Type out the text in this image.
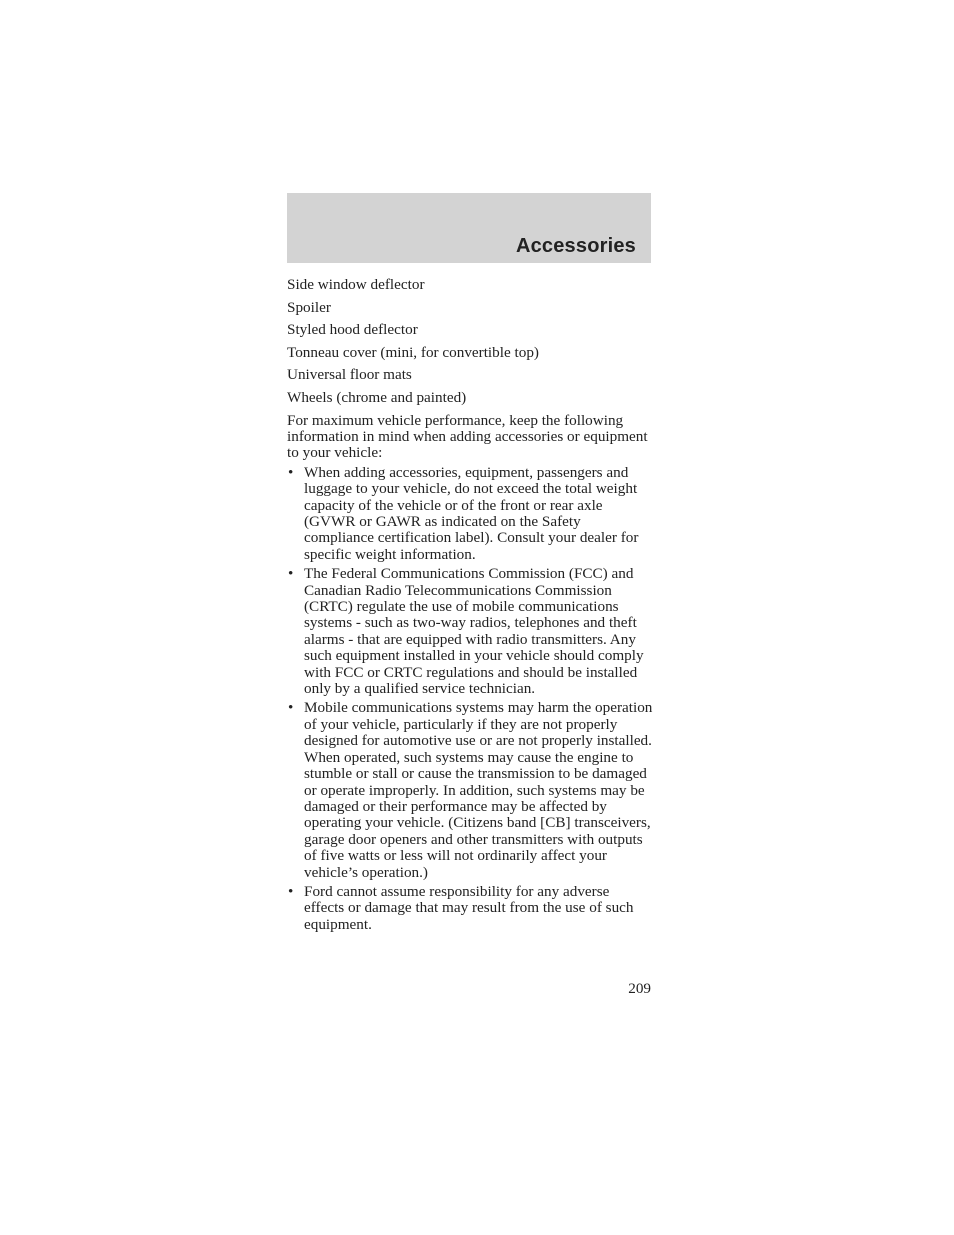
Accessories
Side window deflector
Spoiler
Styled hood deflector
Tonneau cover (mini, for convertible top)
Universal floor mats
Wheels (chrome and painted)
For maximum vehicle performance, keep the following information in mind when adding accessories or equipment to your vehicle:
• When adding accessories, equipment, passengers and luggage to your vehicle, do not exceed the total weight capacity of the vehicle or of the front or rear axle (GVWR or GAWR as indicated on the Safety compliance certification label). Consult your dealer for specific weight information.
• The Federal Communications Commission (FCC) and Canadian Radio Telecommunications Commission (CRTC) regulate the use of mobile communications systems - such as two-way radios, telephones and theft alarms - that are equipped with radio transmitters. Any such equipment installed in your vehicle should comply with FCC or CRTC regulations and should be installed only by a qualified service technician.
• Mobile communications systems may harm the operation of your vehicle, particularly if they are not properly designed for automotive use or are not properly installed. When operated, such systems may cause the engine to stumble or stall or cause the transmission to be damaged or operate improperly. In addition, such systems may be damaged or their performance may be affected by operating your vehicle. (Citizens band [CB] transceivers, garage door openers and other transmitters with outputs of five watts or less will not ordinarily affect your vehicle’s operation.)
• Ford cannot assume responsibility for any adverse effects or damage that may result from the use of such equipment.
209
